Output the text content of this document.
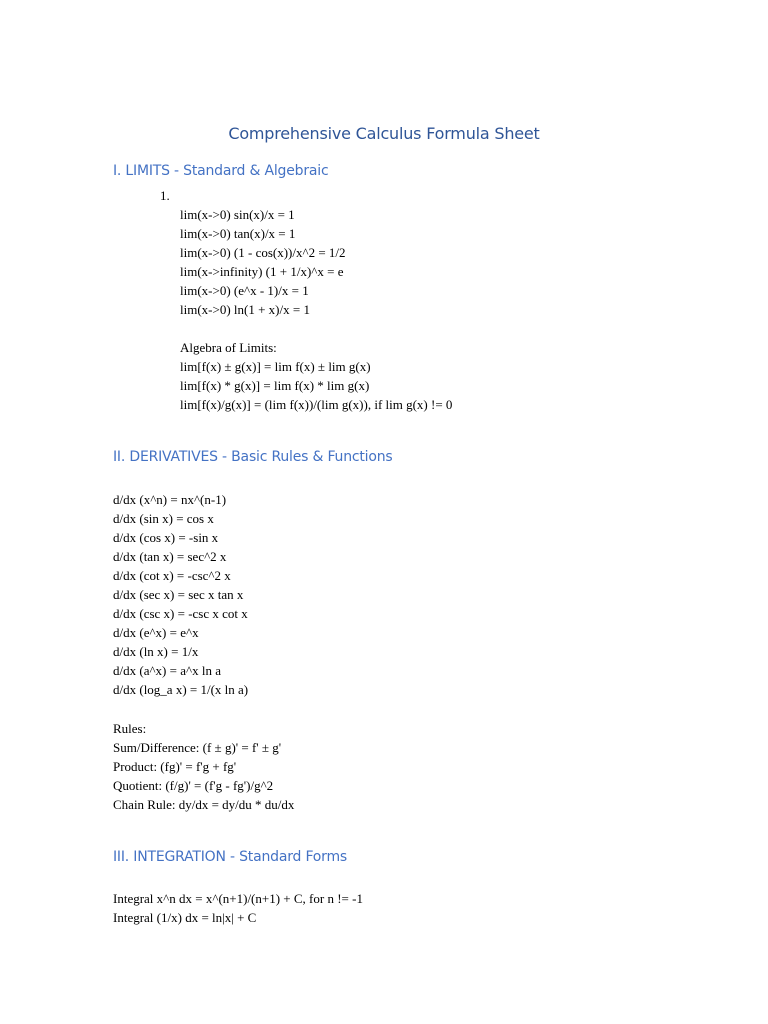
Comprehensive Calculus Formula Sheet
I. LIMITS - Standard & Algebraic
1.
lim(x->0) sin(x)/x = 1
lim(x->0) tan(x)/x = 1
lim(x->0) (1 - cos(x))/x^2 = 1/2
lim(x->infinity) (1 + 1/x)^x = e
lim(x->0) (e^x - 1)/x = 1
lim(x->0) ln(1 + x)/x = 1
Algebra of Limits:
lim[f(x) ± g(x)] = lim f(x) ± lim g(x)
lim[f(x) * g(x)] = lim f(x) * lim g(x)
lim[f(x)/g(x)] = (lim f(x))/(lim g(x)), if lim g(x) != 0
II. DERIVATIVES - Basic Rules & Functions
d/dx (x^n) = nx^(n-1)
d/dx (sin x) = cos x
d/dx (cos x) = -sin x
d/dx (tan x) = sec^2 x
d/dx (cot x) = -csc^2 x
d/dx (sec x) = sec x tan x
d/dx (csc x) = -csc x cot x
d/dx (e^x) = e^x
d/dx (ln x) = 1/x
d/dx (a^x) = a^x ln a
d/dx (log_a x) = 1/(x ln a)
Rules:
Sum/Difference: (f ± g)' = f' ± g'
Product: (fg)' = f'g + fg'
Quotient: (f/g)' = (f'g - fg')/g^2
Chain Rule: dy/dx = dy/du * du/dx
III. INTEGRATION - Standard Forms
Integral x^n dx = x^(n+1)/(n+1) + C, for n != -1
Integral (1/x) dx = ln|x| + C
